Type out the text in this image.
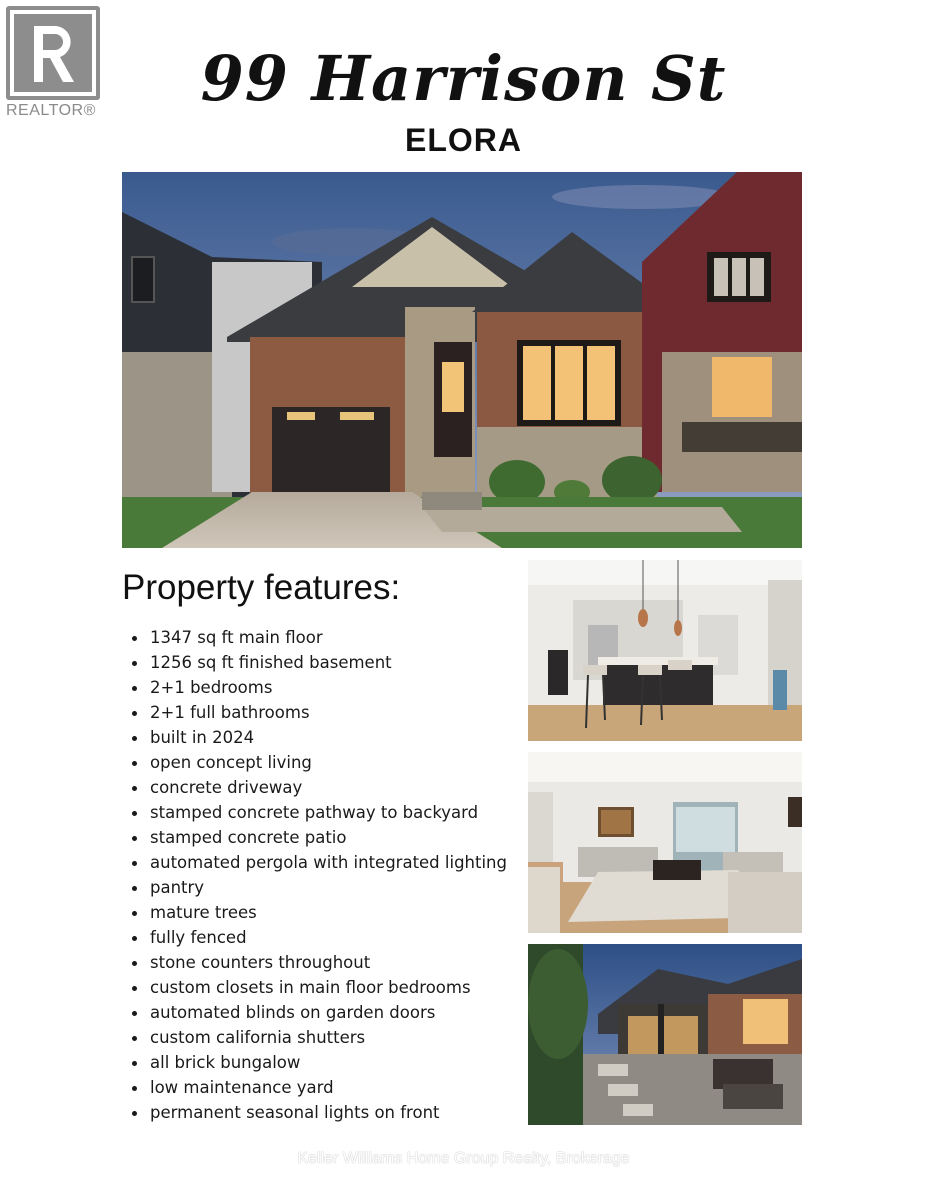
REALTOR®	99 Harrison St
ELORA
Property features:
1347 sq ft main floor
1256 sq ft finished basement
2+1 bedrooms
2+1 full bathrooms
built in 2024
open concept living
concrete driveway
stamped concrete pathway to backyard
stamped concrete patio
automated pergola with integrated lighting
pantry
mature trees
fully fenced
stone counters throughout
custom closets in main floor bedrooms
automated blinds on garden doors
custom california shutters
all brick bungalow
low maintenance yard
permanent seasonal lights on front
Keller Williams Home Group Realty, Brokerage
